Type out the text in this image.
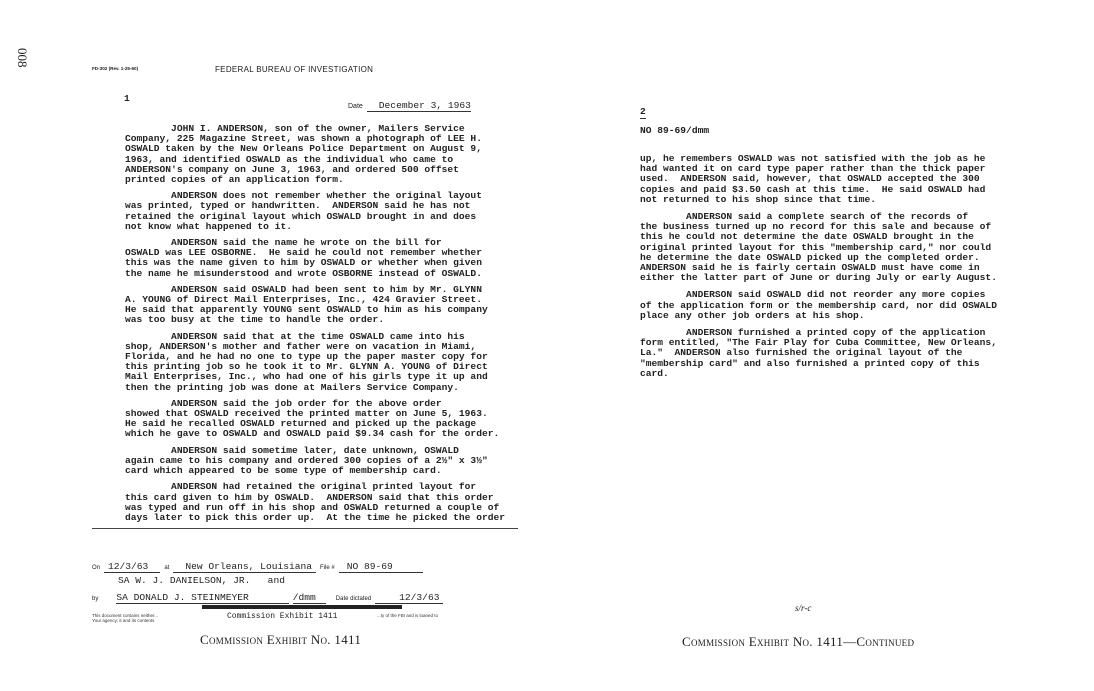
008
FD-302 (Rev. 1-25-60)	FEDERAL BUREAU OF INVESTIGATION
1
Date December 3, 1963
JOHN I. ANDERSON, son of the owner, Mailers Service
Company, 225 Magazine Street, was shown a photograph of LEE H.
OSWALD taken by the New Orleans Police Department on August 9,
1963, and identified OSWALD as the individual who came to
ANDERSON's company on June 3, 1963, and ordered 500 offset
printed copies of an application form.
ANDERSON does not remember whether the original layout
was printed, typed or handwritten.  ANDERSON said he has not
retained the original layout which OSWALD brought in and does
not know what happened to it.
ANDERSON said the name he wrote on the bill for
OSWALD was LEE OSBORNE.  He said he could not remember whether
this was the name given to him by OSWALD or whether when given
the name he misunderstood and wrote OSBORNE instead of OSWALD.
ANDERSON said OSWALD had been sent to him by Mr. GLYNN
A. YOUNG of Direct Mail Enterprises, Inc., 424 Gravier Street.
He said that apparently YOUNG sent OSWALD to him as his company
was too busy at the time to handle the order.
ANDERSON said that at the time OSWALD came into his
shop, ANDERSON's mother and father were on vacation in Miami,
Florida, and he had no one to type up the paper master copy for
this printing job so he took it to Mr. GLYNN A. YOUNG of Direct
Mail Enterprises, Inc., who had one of his girls type it up and
then the printing job was done at Mailers Service Company.
ANDERSON said the job order for the above order
showed that OSWALD received the printed matter on June 5, 1963.
He said he recalled OSWALD returned and picked up the package
which he gave to OSWALD and OSWALD paid $9.34 cash for the order.
ANDERSON said sometime later, date unknown, OSWALD
again came to his company and ordered 300 copies of a 2½" x 3½"
card which appeared to be some type of membership card.
ANDERSON had retained the original printed layout for
this card given to him by OSWALD.  ANDERSON said that this order
was typed and run off in his shop and OSWALD returned a couple of
days later to pick this order up.  At the time he picked the order
On 12/3/63	at New Orleans, Louisiana File # NO 89-69
SA W. J. DANIELSON, JR.   and
by SA DONALD J. STEINMEYER	/dmm	Date dictated	12/3/63
This document contains neither... Your agency; it and its contents	Commission Exhibit 1411	...ty of the FBI and is loaned to
Commission Exhibit No. 1411
2
NO 89-69/dmm
up, he remembers OSWALD was not satisfied with the job as he
had wanted it on card type paper rather than the thick paper
used.  ANDERSON said, however, that OSWALD accepted the 300
copies and paid $3.50 cash at this time.  He said OSWALD had
not returned to his shop since that time.
ANDERSON said a complete search of the records of
the business turned up no record for this sale and because of
this he could not determine the date OSWALD brought in the
original printed layout for this "membership card," nor could
he determine the date OSWALD picked up the completed order.
ANDERSON said he is fairly certain OSWALD must have come in
either the latter part of June or during July or early August.
ANDERSON said OSWALD did not reorder any more copies
of the application form or the membership card, nor did OSWALD
place any other job orders at his shop.
ANDERSON furnished a printed copy of the application
form entitled, "The Fair Play for Cuba Committee, New Orleans,
La."  ANDERSON also furnished the original layout of the
"membership card" and also furnished a printed copy of this
card.
s/r-c
Commission Exhibit No. 1411—Continued
